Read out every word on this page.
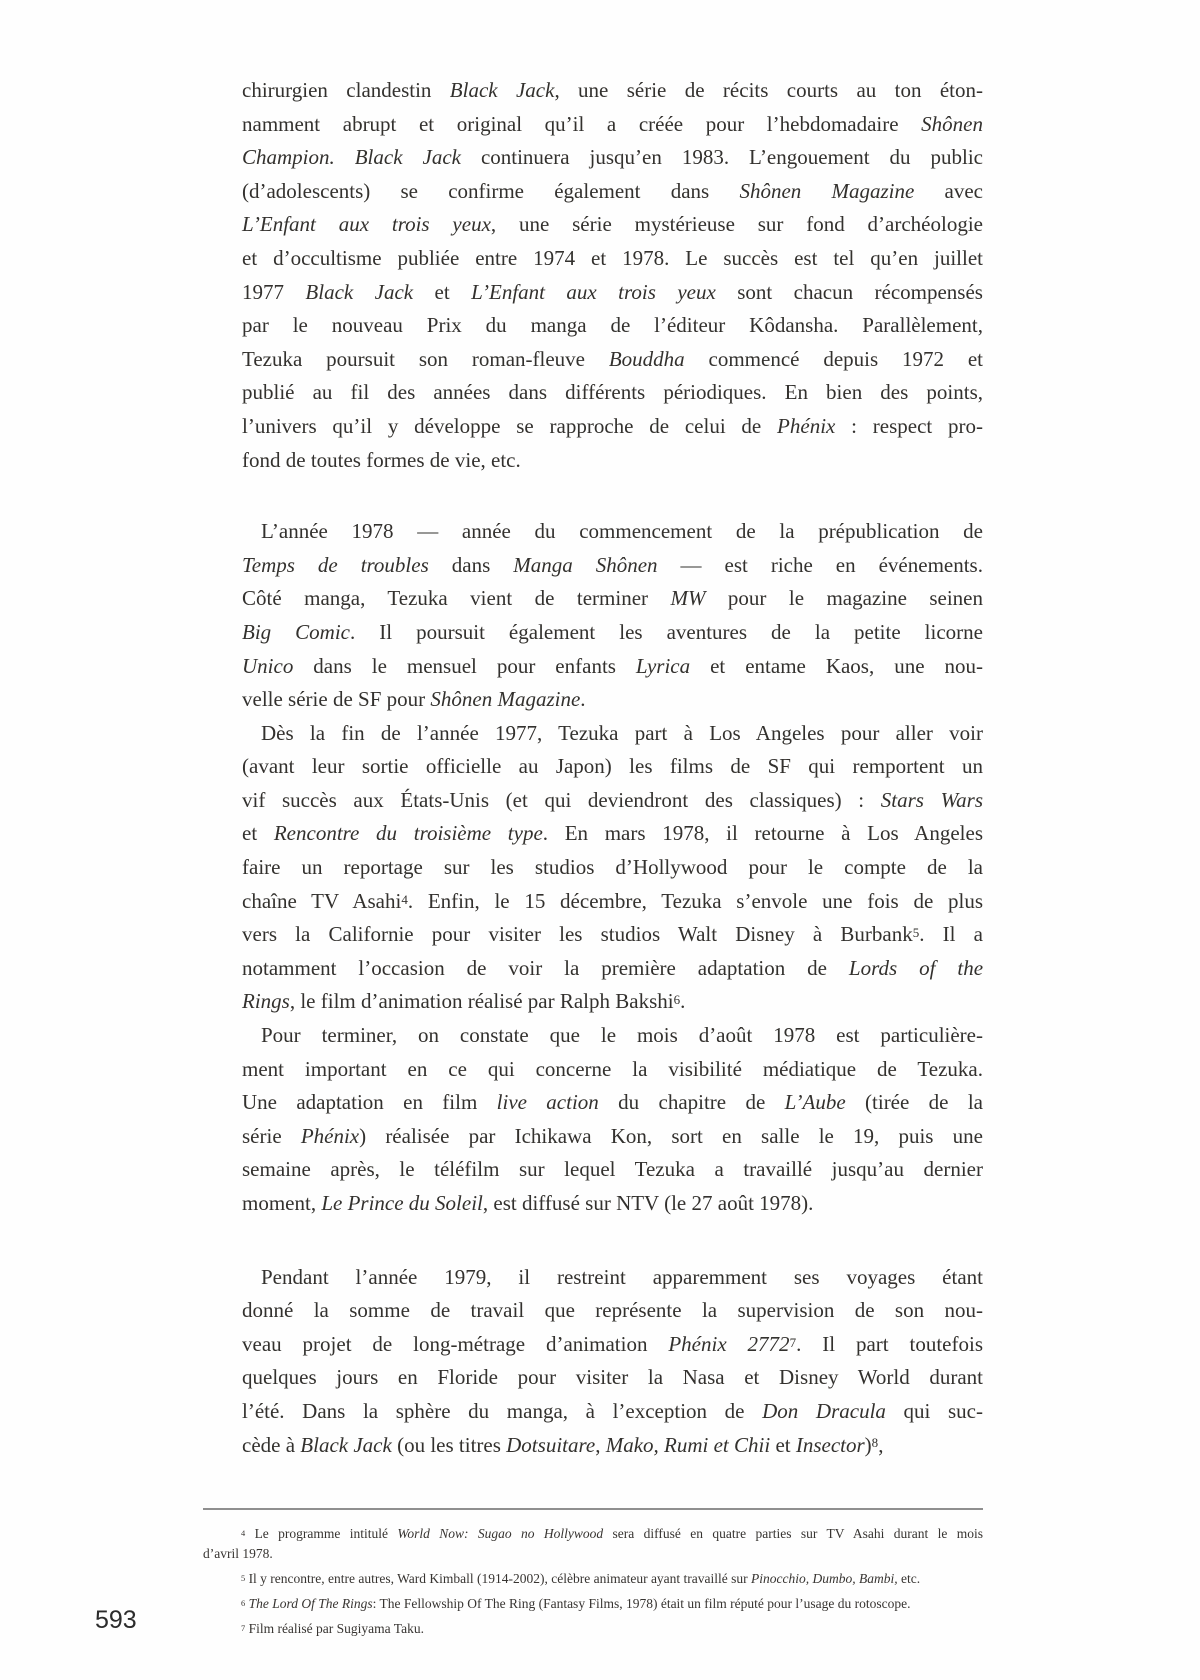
chirurgien clandestin Black Jack, une série de récits courts au ton éton-
namment abrupt et original qu’il a créée pour l’hebdomadaire Shônen
Champion. Black Jack continuera jusqu’en 1983. L’engouement du public
(d’adolescents) se confirme également dans Shônen Magazine avec
L’Enfant aux trois yeux, une série mystérieuse sur fond d’archéologie
et d’occultisme publiée entre 1974 et 1978. Le succès est tel qu’en juillet
1977 Black Jack et L’Enfant aux trois yeux sont chacun récompensés
par le nouveau Prix du manga de l’éditeur Kôdansha. Parallèlement,
Tezuka poursuit son roman-fleuve Bouddha commencé depuis 1972 et
publié au fil des années dans différents périodiques. En bien des points,
l’univers qu’il y développe se rapproche de celui de Phénix : respect pro-
fond de toutes formes de vie, etc.
L’année 1978 — année du commencement de la prépublication de
Temps de troubles dans Manga Shônen — est riche en événements.
Côté manga, Tezuka vient de terminer MW pour le magazine seinen
Big Comic. Il poursuit également les aventures de la petite licorne
Unico dans le mensuel pour enfants Lyrica et entame Kaos, une nou-
velle série de SF pour Shônen Magazine.
Dès la fin de l’année 1977, Tezuka part à Los Angeles pour aller voir
(avant leur sortie officielle au Japon) les films de SF qui remportent un
vif succès aux États-Unis (et qui deviendront des classiques) : Stars Wars
et Rencontre du troisième type. En mars 1978, il retourne à Los Angeles
faire un reportage sur les studios d’Hollywood pour le compte de la
chaîne TV Asahi$^4$. Enfin, le 15 décembre, Tezuka s’envole une fois de plus
vers la Californie pour visiter les studios Walt Disney à Burbank$^5$. Il a
notamment l’occasion de voir la première adaptation de Lords of the
Rings, le film d’animation réalisé par Ralph Bakshi$^6$.
Pour terminer, on constate que le mois d’août 1978 est particulière-
ment important en ce qui concerne la visibilité médiatique de Tezuka.
Une adaptation en film live action du chapitre de L’Aube (tirée de la
série Phénix) réalisée par Ichikawa Kon, sort en salle le 19, puis une
semaine après, le téléfilm sur lequel Tezuka a travaillé jusqu’au dernier
moment, Le Prince du Soleil, est diffusé sur NTV (le 27 août 1978).
Pendant l’année 1979, il restreint apparemment ses voyages étant
donné la somme de travail que représente la supervision de son nou-
veau projet de long-métrage d’animation Phénix 2772$^7$. Il part toutefois
quelques jours en Floride pour visiter la Nasa et Disney World durant
l’été. Dans la sphère du manga, à l’exception de Don Dracula qui suc-
cède à Black Jack (ou les titres Dotsuitare, Mako, Rumi et Chii et Insector)$^8$,
$^4$ Le programme intitulé World Now: Sugao no Hollywood sera diffusé en quatre parties sur TV Asahi durant le mois
d’avril 1978.
$^5$ Il y rencontre, entre autres, Ward Kimball (1914-2002), célèbre animateur ayant travaillé sur Pinocchio, Dumbo, Bambi, etc.
$^6$ The Lord Of The Rings: The Fellowship Of The Ring (Fantasy Films, 1978) était un film réputé pour l’usage du rotoscope.
$^7$ Film réalisé par Sugiyama Taku.
593
